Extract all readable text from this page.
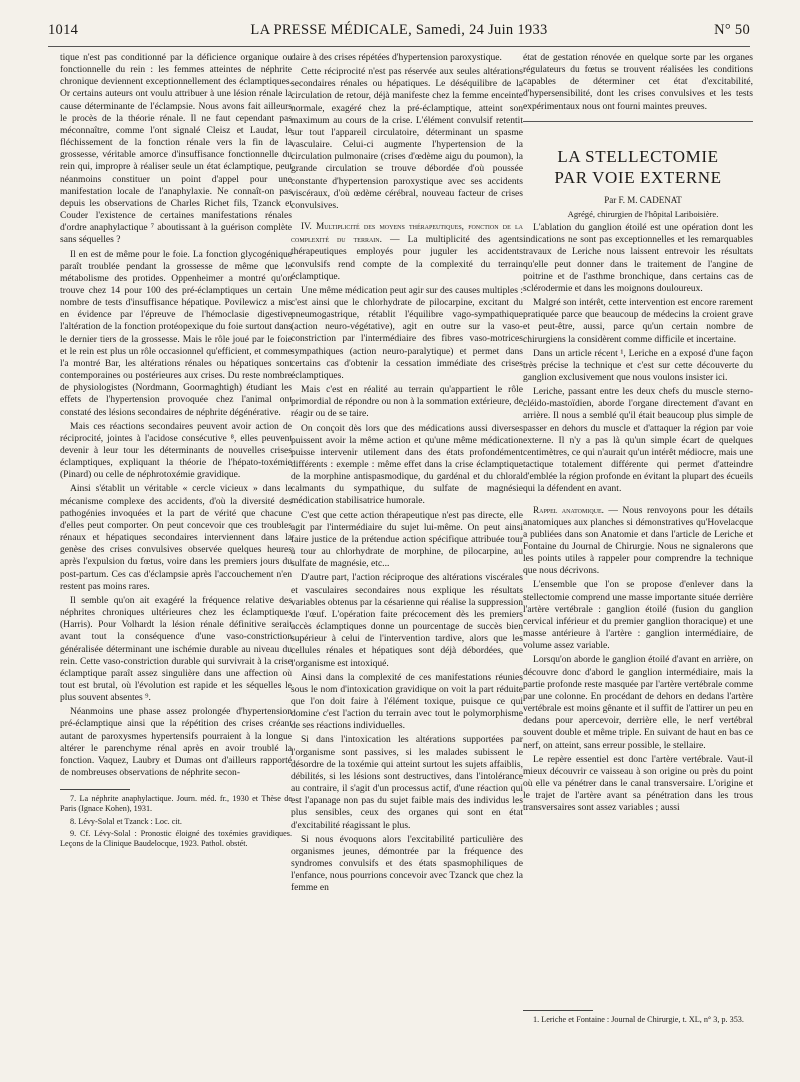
1014	LA PRESSE MÉDICALE, Samedi, 24 Juin 1933	N° 50

tique n'est pas conditionné par la déficience organique ou fonctionnelle du rein : les femmes atteintes de néphrite chronique deviennent exceptionnellement des éclamptiques. Or certains auteurs ont voulu attribuer à une lésion rénale la cause déterminante de l'éclampsie. Nous avons fait ailleurs le procès de la théorie rénale. Il ne faut cependant pas méconnaître, comme l'ont signalé Cleisz et Laudat, le fléchissement de la fonction rénale vers la fin de la grossesse, véritable amorce d'insuffisance fonctionnelle du rein qui, impropre à réaliser seule un état éclamptique, peut néanmoins constituer un point d'appel pour une manifestation locale de l'anaphylaxie. Ne connaît-on pas depuis les observations de Charles Richet fils, Tzanck et Couder l'existence de certaines manifestations rénales d'ordre anaphylactique ⁷ aboutissant à la guérison complète sans séquelles ?

Il en est de même pour le foie. La fonction glycogénique paraît troublée pendant la grossesse de même que le métabolisme des protides. Oppenheimer a montré qu'on trouve chez 14 pour 100 des pré-éclamptiques un certain nombre de tests d'insuffisance hépatique. Povilewicz a mis en évidence par l'épreuve de l'hémoclasie digestive l'altération de la fonction protéopexique du foie surtout dans le dernier tiers de la grossesse. Mais le rôle joué par le foie et le rein est plus un rôle occasionnel qu'efficient, et comme l'a montré Bar, les altérations rénales ou hépatiques sont contemporaines ou postérieures aux crises. Du reste nombre de physiologistes (Nordmann, Goormaghtigh) étudiant les effets de l'hypertension provoquée chez l'animal ont constaté des lésions secondaires de néphrite dégénérative.

Mais ces réactions secondaires peuvent avoir action de réciprocité, jointes à l'acidose consécutive ⁸, elles peuvent devenir à leur tour les déterminants de nouvelles crises éclamptiques, expliquant la théorie de l'hépato-toxémie (Pinard) ou celle de néphrotoxémie gravidique.

Ainsi s'établit un véritable « cercle vicieux » dans le mécanisme complexe des accidents, d'où la diversité des pathogénies invoquées et la part de vérité que chacune d'elles peut comporter. On peut concevoir que ces troubles rénaux et hépatiques secondaires interviennent dans la genèse des crises convulsives observée quelques heures après l'expulsion du fœtus, voire dans les premiers jours du post-partum. Ces cas d'éclampsie après l'accouchement n'en restent pas moins rares.

Il semble qu'on ait exagéré la fréquence relative des néphrites chroniques ultérieures chez les éclamptiques (Harris). Pour Volhardt la lésion rénale définitive serait avant tout la conséquence d'une vaso-constriction généralisée déterminant une ischémie durable au niveau du rein. Cette vaso-constriction durable qui survivrait à la crise éclamptique paraît assez singulière dans une affection où tout est brutal, où l'évolution est rapide et les séquelles le plus souvent absentes ⁹.

Néanmoins une phase assez prolongée d'hypertension pré-éclamptique ainsi que la répétition des crises créant autant de paroxysmes hypertensifs pourraient à la longue altérer le parenchyme rénal après en avoir troublé la fonction. Vaquez, Laubry et Dumas ont d'ailleurs rapporté de nombreuses observations de néphrite secon-

7. La néphrite anaphylactique. Journ. méd. fr., 1930 et Thèse de Paris (Ignace Kohen), 1931.

8. Lévy-Solal et Tzanck : Loc. cit.

9. Cf. Lévy-Solal : Pronostic éloigné des toxémies gravidiques. Leçons de la Clinique Baudelocque, 1923. Pathol. obstét.

daire à des crises répétées d'hypertension paroxystique.

Cette réciprocité n'est pas réservée aux seules altérations secondaires rénales ou hépatiques. Le déséquilibre de la circulation de retour, déjà manifeste chez la femme enceinte normale, exagéré chez la pré-éclamptique, atteint son maximum au cours de la crise. L'élément convulsif retentit sur tout l'appareil circulatoire, déterminant un spasme vasculaire. Celui-ci augmente l'hypertension de la circulation pulmonaire (crises d'œdème aigu du poumon), la grande circulation se trouve débordée d'où poussée constante d'hypertension paroxystique avec ses accidents viscéraux, d'où œdème cérébral, nouveau facteur de crises convulsives.

IV. Multiplicité des moyens thérapeutiques, fonction de la complexité du terrain. — La multiplicité des agents thérapeutiques employés pour juguler les accidents convulsifs rend compte de la complexité du terrain éclamptique.

Une même médication peut agir sur des causes multiples : c'est ainsi que le chlorhydrate de pilocarpine, excitant du pneumogastrique, rétablit l'équilibre vago-sympathique (action neuro-végétative), agit en outre sur la vaso-constriction par l'intermédiaire des fibres vaso-motrices sympathiques (action neuro-paralytique) et permet dans certains cas d'obtenir la cessation immédiate des crises éclamptiques.

Mais c'est en réalité au terrain qu'appartient le rôle primordial de répondre ou non à la sommation extérieure, de réagir ou de se taire.

On conçoit dès lors que des médications aussi diverses puissent avoir la même action et qu'une même médication puisse intervenir utilement dans des états profondément différents : exemple : même effet dans la crise éclamptique de la morphine antispasmodique, du gardénal et du chloral calmants du sympathique, du sulfate de magnésie médication stabilisatrice humorale.

C'est que cette action thérapeutique n'est pas directe, elle agit par l'intermédiaire du sujet lui-même. On peut ainsi faire justice de la prétendue action spécifique attribuée tour à tour au chlorhydrate de morphine, de pilocarpine, au sulfate de magnésie, etc...

D'autre part, l'action réciproque des altérations viscérales et vasculaires secondaires nous explique les résultats variables obtenus par la césarienne qui réalise la suppression de l'œuf. L'opération faite précocement dès les premiers accès éclamptiques donne un pourcentage de succès bien supérieur à celui de l'intervention tardive, alors que les cellules rénales et hépatiques sont déjà débordées, que l'organisme est intoxiqué.

Ainsi dans la complexité de ces manifestations réunies sous le nom d'intoxication gravidique on voit la part réduite que l'on doit faire à l'élément toxique, puisque ce qui domine c'est l'action du terrain avec tout le polymorphisme de ses réactions individuelles.

Si dans l'intoxication les altérations supportées par l'organisme sont passives, si les malades subissent le désordre de la toxémie qui atteint surtout les sujets affaiblis, débilités, si les lésions sont destructives, dans l'intolérance au contraire, il s'agit d'un processus actif, d'une réaction qui est l'apanage non pas du sujet faible mais des individus les plus sensibles, ceux des organes qui sont en état d'excitabilité réagissant le plus.

Si nous évoquons alors l'excitabilité particulière des organismes jeunes, démontrée par la fréquence des syndromes convulsifs et des états spasmophiliques de l'enfance, nous pourrions concevoir avec Tzanck que chez la femme en

état de gestation rénovée en quelque sorte par les organes régulateurs du fœtus se trouvent réalisées les conditions capables de déterminer cet état d'excitabilité, d'hypersensibilité, dont les crises convulsives et les tests expérimentaux nous ont fourni maintes preuves.

LA STELLECTOMIE
PAR VOIE EXTERNE

Par F. M. CADENAT

Agrégé, chirurgien de l'hôpital Lariboisière.

L'ablation du ganglion étoilé est une opération dont les indications ne sont pas exceptionnelles et les remarquables travaux de Leriche nous laissent entrevoir les résultats qu'elle peut donner dans le traitement de l'angine de poitrine et de l'asthme bronchique, dans certains cas de sclérodermie et dans les moignons douloureux.

Malgré son intérêt, cette intervention est encore rarement pratiquée parce que beaucoup de médecins la croient grave et peut-être, aussi, parce qu'un certain nombre de chirurgiens la considèrent comme difficile et incertaine.

Dans un article récent ¹, Leriche en a exposé d'une façon très précise la technique et c'est sur cette découverte du ganglion exclusivement que nous voulons insister ici.

Leriche, passant entre les deux chefs du muscle sterno-cléido-mastoïdien, aborde l'organe directement d'avant en arrière. Il nous a semblé qu'il était beaucoup plus simple de passer en dehors du muscle et d'attaquer la région par voie externe. Il n'y a pas là qu'un simple écart de quelques centimètres, ce qui n'aurait qu'un intérêt médiocre, mais une tactique totalement différente qui permet d'atteindre d'emblée la région profonde en évitant la plupart des écueils qui la défendent en avant.

Rappel anatomique. — Nous renvoyons pour les détails anatomiques aux planches si démonstratives qu'Hovelacque a publiées dans son Anatomie et dans l'article de Leriche et Fontaine du Journal de Chirurgie. Nous ne signalerons que les points utiles à rappeler pour comprendre la technique que nous décrivons.

L'ensemble que l'on se propose d'enlever dans la stellectomie comprend une masse importante située derrière l'artère vertébrale : ganglion étoilé (fusion du ganglion cervical inférieur et du premier ganglion thoracique) et une masse antérieure à l'artère : ganglion intermédiaire, de volume assez variable.

Lorsqu'on aborde le ganglion étoilé d'avant en arrière, on découvre donc d'abord le ganglion intermédiaire, mais la partie profonde reste masquée par l'artère vertébrale comme par une colonne. En procédant de dehors en dedans l'artère vertébrale est moins gênante et il suffit de l'attirer un peu en dedans pour apercevoir, derrière elle, le nerf vertébral souvent double et même triple. En suivant de haut en bas ce nerf, on atteint, sans erreur possible, le stellaire.

Le repère essentiel est donc l'artère vertébrale. Vaut-il mieux découvrir ce vaisseau à son origine ou près du point où elle va pénétrer dans le canal transversaire. L'origine et le trajet de l'artère avant sa pénétration dans les trous transversaires sont assez variables ; aussi

1. Leriche et Fontaine : Journal de Chirurgie, t. XL, n° 3, p. 353.
